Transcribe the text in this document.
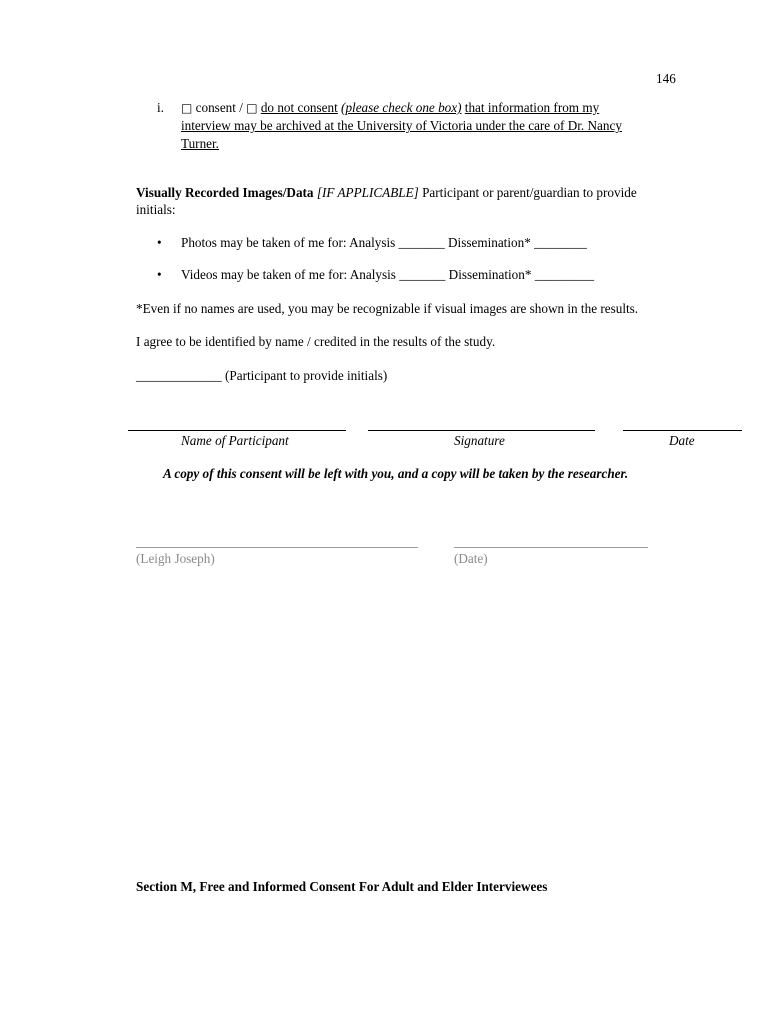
146
i. □ consent / □ do not consent (please check one box) that information from my
interview may be archived at the University of Victoria under the care of Dr. Nancy
Turner.
Visually Recorded Images/Data [IF APPLICABLE] Participant or parent/guardian to provide
initials:
• Photos may be taken of me for: Analysis _______ Dissemination* ________
• Videos may be taken of me for: Analysis _______ Dissemination* _________
*Even if no names are used, you may be recognizable if visual images are shown in the results.
I agree to be identified by name / credited in the results of the study.
_____________ (Participant to provide initials)
Name of Participant	Signature	Date
A copy of this consent will be left with you, and a copy will be taken by the researcher.
(Leigh Joseph)	(Date)
Section M, Free and Informed Consent For Adult and Elder Interviewees
